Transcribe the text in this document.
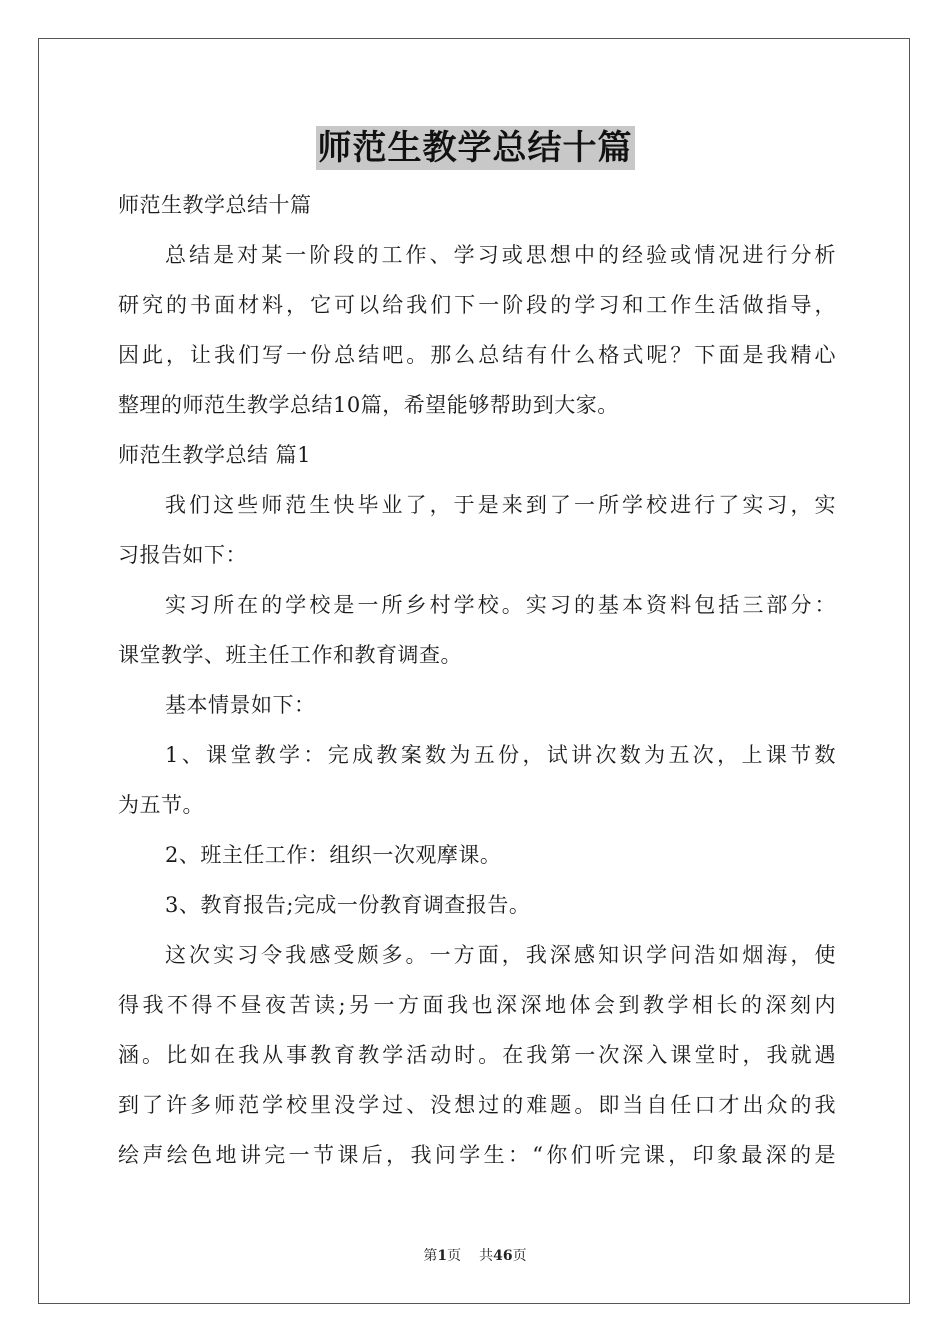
师范生教学总结十篇
师范生教学总结十篇
总结是对某一阶段的工作、学习或思想中的经验或情况进行分析
研究的书面材料，它可以给我们下一阶段的学习和工作生活做指导，
因此，让我们写一份总结吧。那么总结有什么格式呢？下面是我精心
整理的师范生教学总结10篇，希望能够帮助到大家。
师范生教学总结 篇1
我们这些师范生快毕业了，于是来到了一所学校进行了实习，实
习报告如下：
实习所在的学校是一所乡村学校。实习的基本资料包括三部分：
课堂教学、班主任工作和教育调查。
基本情景如下：
1、课堂教学：完成教案数为五份，试讲次数为五次，上课节数
为五节。
2、班主任工作：组织一次观摩课。
3、教育报告;完成一份教育调查报告。
这次实习令我感受颇多。一方面，我深感知识学问浩如烟海，使
得我不得不昼夜苦读;另一方面我也深深地体会到教学相长的深刻内
涵。比如在我从事教育教学活动时。在我第一次深入课堂时，我就遇
到了许多师范学校里没学过、没想过的难题。即当自任口才出众的我
绘声绘色地讲完一节课后，我问学生：“你们听完课，印象最深的是
第1页 共46页
